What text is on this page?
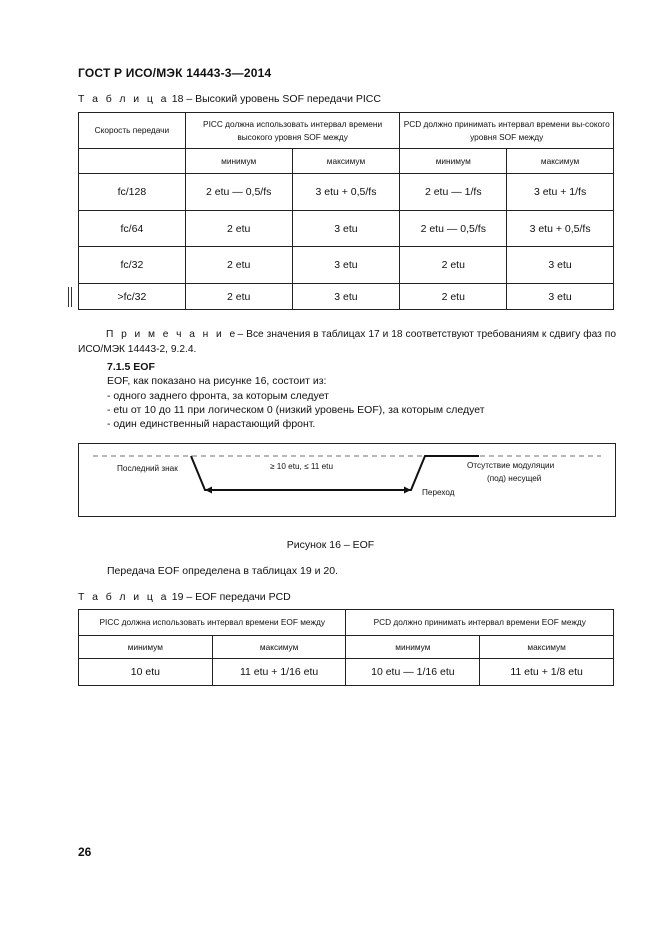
ГОСТ Р ИСО/МЭК 14443-3—2014
Т а б л и ц а 18 – Высокий уровень SOF передачи PICC
Скорость передачи	PICC должна использовать интервал времени высокого уровня SOF между		PCD должно принимать интервал времени вы-сокого уровня SOF между	
	минимум	максимум	минимум	максимум
fc/128	2 etu — 0,5/fs	3 etu + 0,5/fs	2 etu — 1/fs	3 etu + 1/fs
fc/64	2 etu	3 etu	2 etu — 0,5/fs	3 etu + 0,5/fs
fc/32	2 etu	3 etu	2 etu	3 etu
>fc/32	2 etu	3 etu	2 etu	3 etu

П р и м е ч а н и е– Все значения в таблицах 17 и 18 соответствуют требованиям к сдвигу фаз по ИСО/МЭК 14443-2, 9.2.4.

7.1.5 EOF
EOF, как показано на рисунке 16, состоит из:
- одного заднего фронта, за которым следует
- etu от 10 до 11 при логическом 0 (низкий уровень EOF), за которым следует
- один единственный нарастающий фронт.
Последний знак	≥ 10 etu, ≤ 11 etu	Отсутствие модуляции
(под) несущей
Переход
Рисунок 16 – EOF
Передача EOF определена в таблицах 19 и 20.
Т а б л и ц а 19 – EOF передачи PCD
PICC должна использовать интервал времени EOF между		PCD должно принимать интервал времени EOF между	
минимум	максимум	минимум	максимум
10 etu	11 etu + 1/16 etu	10 etu — 1/16 etu	11 etu + 1/8 etu
26
